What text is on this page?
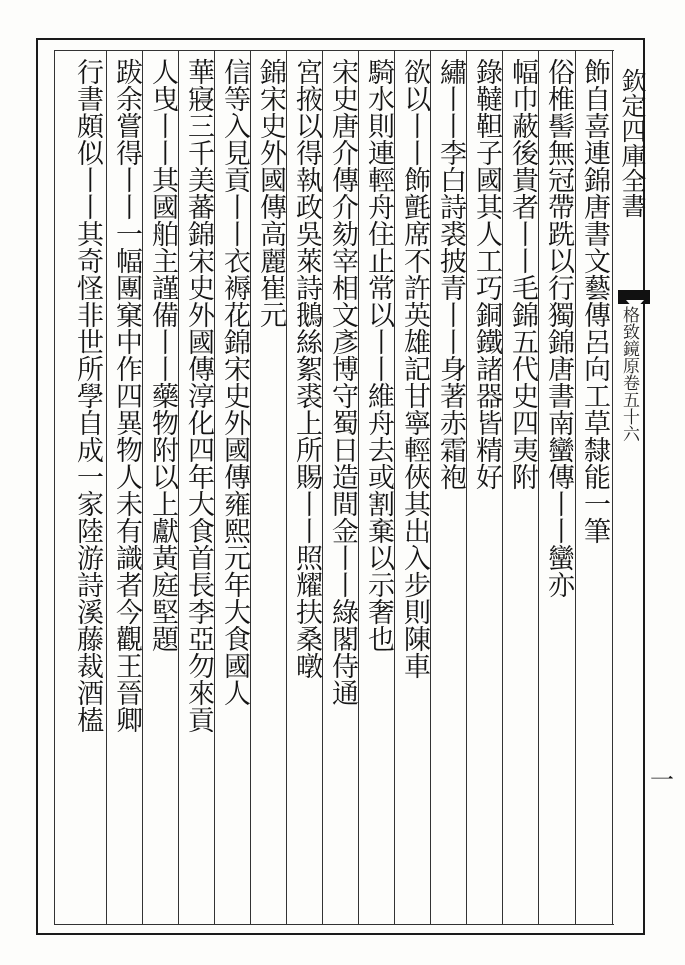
欽定四庫全書
格致鏡原卷五十六
一
飾自喜連錦唐書文藝傳呂向工草隸能一筆
俗椎髻無冠帶跣以行獨錦唐書南蠻傳丨丨蠻亦
幅巾蔽後貴者丨丨毛錦五代史四夷附
錄韃靼子國其人工巧銅鐵諸器皆精好
繡丨丨李白詩裘披青丨丨身著赤霜袍
欲以丨丨飾氈席不許英雄記甘寧輕俠其出入步則陳車
騎水則連輕舟住止常以丨丨維舟去或割棄以示奢也
宋史唐介傳介劾宰相文彥博守蜀日造間金丨丨綠閣侍通
宮掖以得執政吳萊詩鵝絲絮裘上所賜丨丨照耀扶桑暾
錦宋史外國傳高麗崔元
信等入見貢丨丨衣褥花錦宋史外國傳雍熙元年大食國人
華寢三千美蕃錦宋史外國傳淳化四年大食首長李亞勿來貢
人曳丨丨其國舶主謹備丨丨藥物附以上獻黃庭堅題
跋余嘗得丨丨一幅團窠中作四異物人未有識者今觀王晉卿
行書頗似丨丨其奇怪非世所學自成一家陸游詩溪藤裁酒榼
